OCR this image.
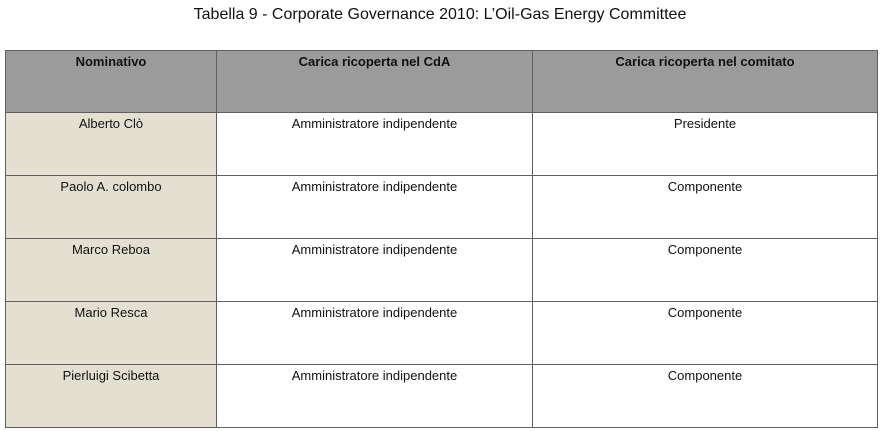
Tabella 9 - Corporate Governance 2010: L’Oil-Gas Energy Committee
Nominativo	Carica ricoperta nel CdA	Carica ricoperta nel comitato
Alberto Clò	Amministratore indipendente	Presidente
Paolo A. colombo	Amministratore indipendente	Componente
Marco Reboa	Amministratore indipendente	Componente
Mario Resca	Amministratore indipendente	Componente
Pierluigi Scibetta	Amministratore indipendente	Componente
